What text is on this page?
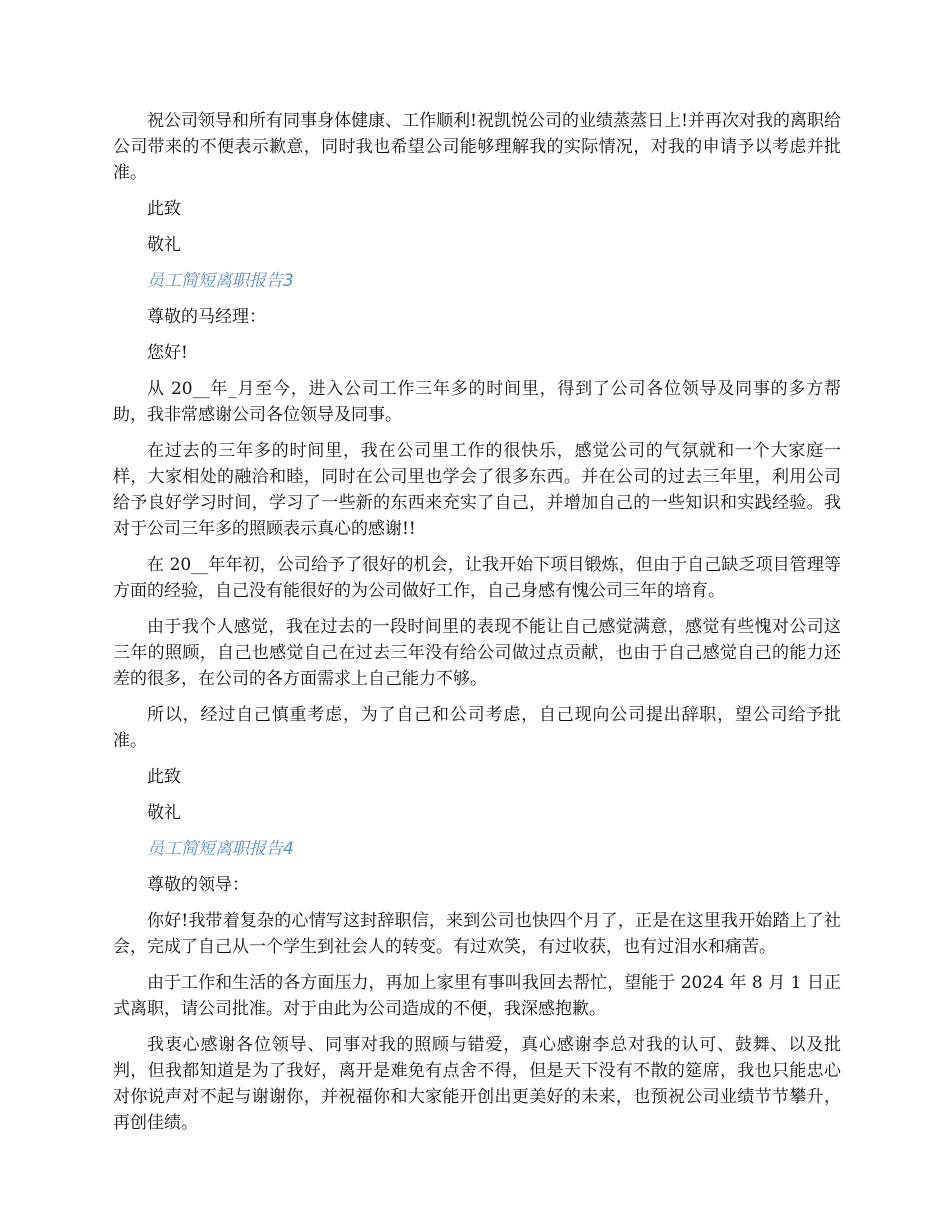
祝公司领导和所有同事身体健康、工作顺利!祝凯悦公司的业绩蒸蒸日上!并再次对我的离职给公司带来的不便表示歉意，同时我也希望公司能够理解我的实际情况，对我的申请予以考虑并批准。

此致

敬礼

员工简短离职报告3

尊敬的马经理：

您好!

从 20__年_月至今，进入公司工作三年多的时间里，得到了公司各位领导及同事的多方帮助，我非常感谢公司各位领导及同事。

在过去的三年多的时间里，我在公司里工作的很快乐，感觉公司的气氛就和一个大家庭一样，大家相处的融洽和睦，同时在公司里也学会了很多东西。并在公司的过去三年里，利用公司给予良好学习时间，学习了一些新的东西来充实了自己，并增加自己的一些知识和实践经验。我对于公司三年多的照顾表示真心的感谢!!

在 20__年年初，公司给予了很好的机会，让我开始下项目锻炼，但由于自己缺乏项目管理等方面的经验，自己没有能很好的为公司做好工作，自己身感有愧公司三年的培育。

由于我个人感觉，我在过去的一段时间里的表现不能让自己感觉满意，感觉有些愧对公司这三年的照顾，自己也感觉自己在过去三年没有给公司做过点贡献，也由于自己感觉自己的能力还差的很多，在公司的各方面需求上自己能力不够。

所以，经过自己慎重考虑，为了自己和公司考虑，自己现向公司提出辞职，望公司给予批准。

此致

敬礼

员工简短离职报告4

尊敬的领导：

你好!我带着复杂的心情写这封辞职信，来到公司也快四个月了，正是在这里我开始踏上了社会，完成了自己从一个学生到社会人的转变。有过欢笑，有过收获，也有过泪水和痛苦。

由于工作和生活的各方面压力，再加上家里有事叫我回去帮忙，望能于 2024 年 8 月 1 日正式离职，请公司批准。对于由此为公司造成的不便，我深感抱歉。

我衷心感谢各位领导、同事对我的照顾与错爱，真心感谢李总对我的认可、鼓舞、以及批判，但我都知道是为了我好，离开是难免有点舍不得，但是天下没有不散的筵席，我也只能忠心对你说声对不起与谢谢你，并祝福你和大家能开创出更美好的未来，也预祝公司业绩节节攀升，再创佳绩。
